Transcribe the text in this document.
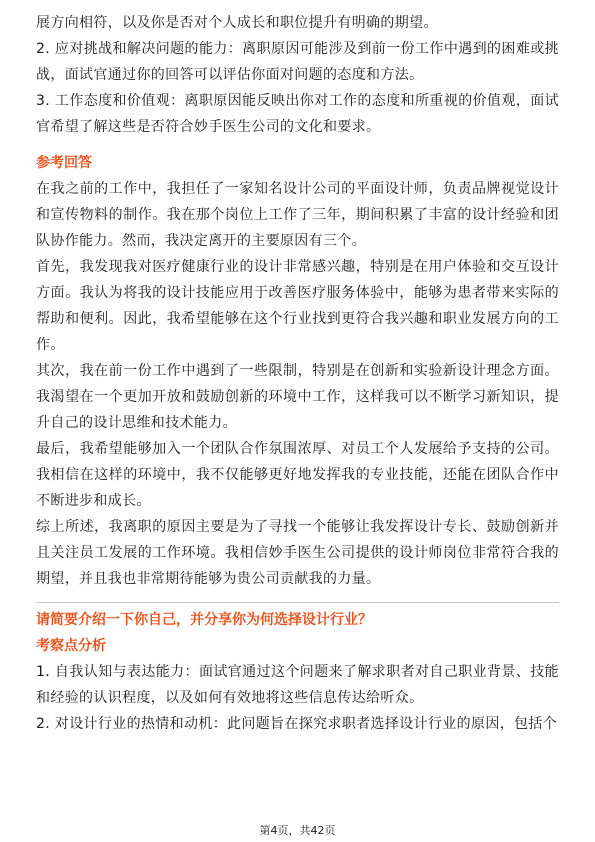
展方向相符，以及你是否对个人成长和职位提升有明确的期望。

2. 应对挑战和解决问题的能力：离职原因可能涉及到前一份工作中遇到的困难或挑战，面试官通过你的回答可以评估你面对问题的态度和方法。

3. 工作态度和价值观：离职原因能反映出你对工作的态度和所重视的价值观，面试官希望了解这些是否符合妙手医生公司的文化和要求。

参考回答

在我之前的工作中，我担任了一家知名设计公司的平面设计师，负责品牌视觉设计和宣传物料的制作。我在那个岗位上工作了三年，期间积累了丰富的设计经验和团队协作能力。然而，我决定离开的主要原因有三个。

首先，我发现我对医疗健康行业的设计非常感兴趣，特别是在用户体验和交互设计方面。我认为将我的设计技能应用于改善医疗服务体验中，能够为患者带来实际的帮助和便利。因此，我希望能够在这个行业找到更符合我兴趣和职业发展方向的工作。

其次，我在前一份工作中遇到了一些限制，特别是在创新和实验新设计理念方面。我渴望在一个更加开放和鼓励创新的环境中工作，这样我可以不断学习新知识，提升自己的设计思维和技术能力。

最后，我希望能够加入一个团队合作氛围浓厚、对员工个人发展给予支持的公司。我相信在这样的环境中，我不仅能够更好地发挥我的专业技能，还能在团队合作中不断进步和成长。

综上所述，我离职的原因主要是为了寻找一个能够让我发挥设计专长、鼓励创新并且关注员工发展的工作环境。我相信妙手医生公司提供的设计师岗位非常符合我的期望，并且我也非常期待能够为贵公司贡献我的力量。

请简要介绍一下你自己，并分享你为何选择设计行业？

考察点分析

1. 自我认知与表达能力：面试官通过这个问题来了解求职者对自己职业背景、技能和经验的认识程度，以及如何有效地将这些信息传达给听众。

2. 对设计行业的热情和动机：此问题旨在探究求职者选择设计行业的原因，包括个

第4页，共42页
